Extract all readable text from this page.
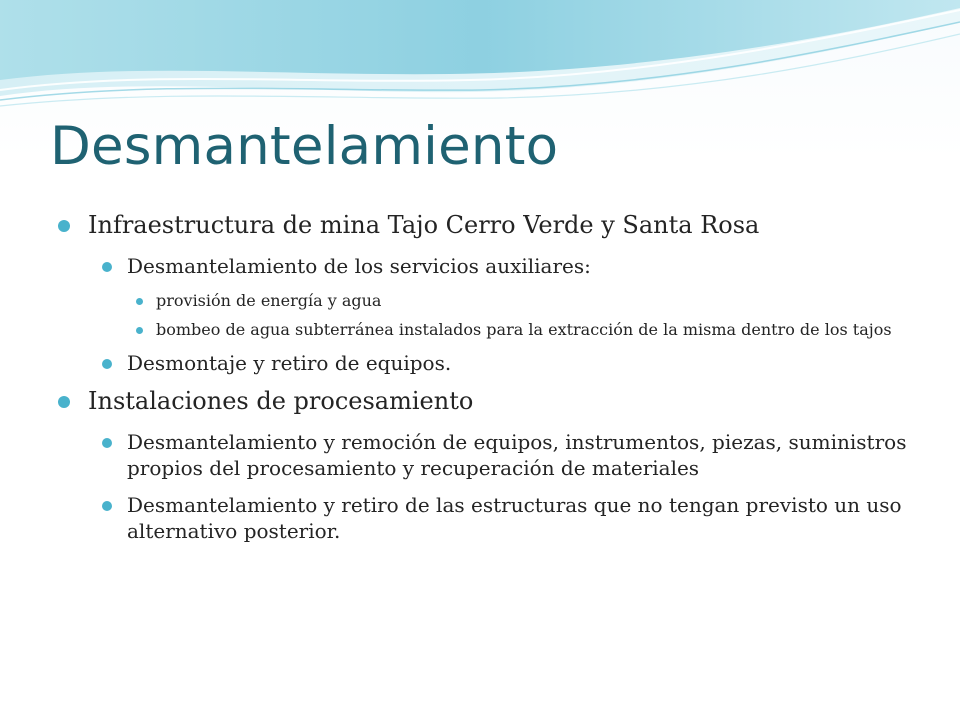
Desmantelamiento
Infraestructura de mina Tajo Cerro Verde y Santa Rosa
Desmantelamiento de los servicios auxiliares:
provisión de energía y agua
bombeo de agua subterránea instalados para la extracción de la misma dentro de los tajos
Desmontaje y retiro de equipos.
Instalaciones de procesamiento
Desmantelamiento y remoción de equipos, instrumentos, piezas, suministros propios del procesamiento y recuperación de materiales
Desmantelamiento y retiro de las estructuras que no tengan previsto un uso alternativo posterior.
